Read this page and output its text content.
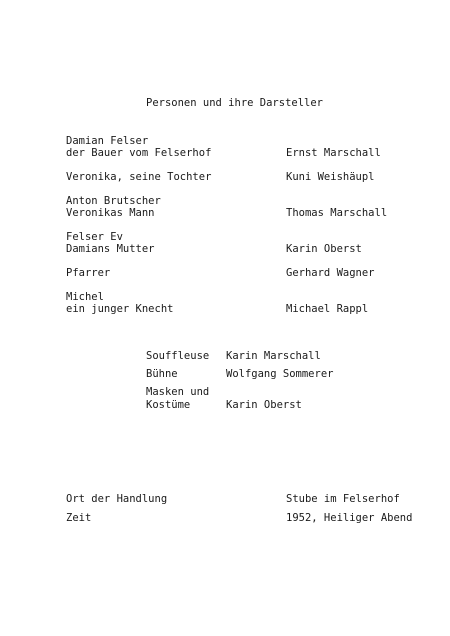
Personen und ihre Darsteller
Damian Felser
der Bauer vom Felserhof	Ernst Marschall
Veronika, seine Tochter	Kuni Weishäupl
Anton Brutscher
Veronikas Mann	Thomas Marschall
Felser Ev
Damians Mutter	Karin Oberst
Pfarrer	Gerhard Wagner
Michel
ein junger Knecht	Michael Rappl
Souffleuse Karin Marschall
Bühne	Wolfgang Sommerer
Masken und
Kostüme	Karin Oberst
Ort der Handlung	Stube im Felserhof
Zeit	1952, Heiliger Abend
